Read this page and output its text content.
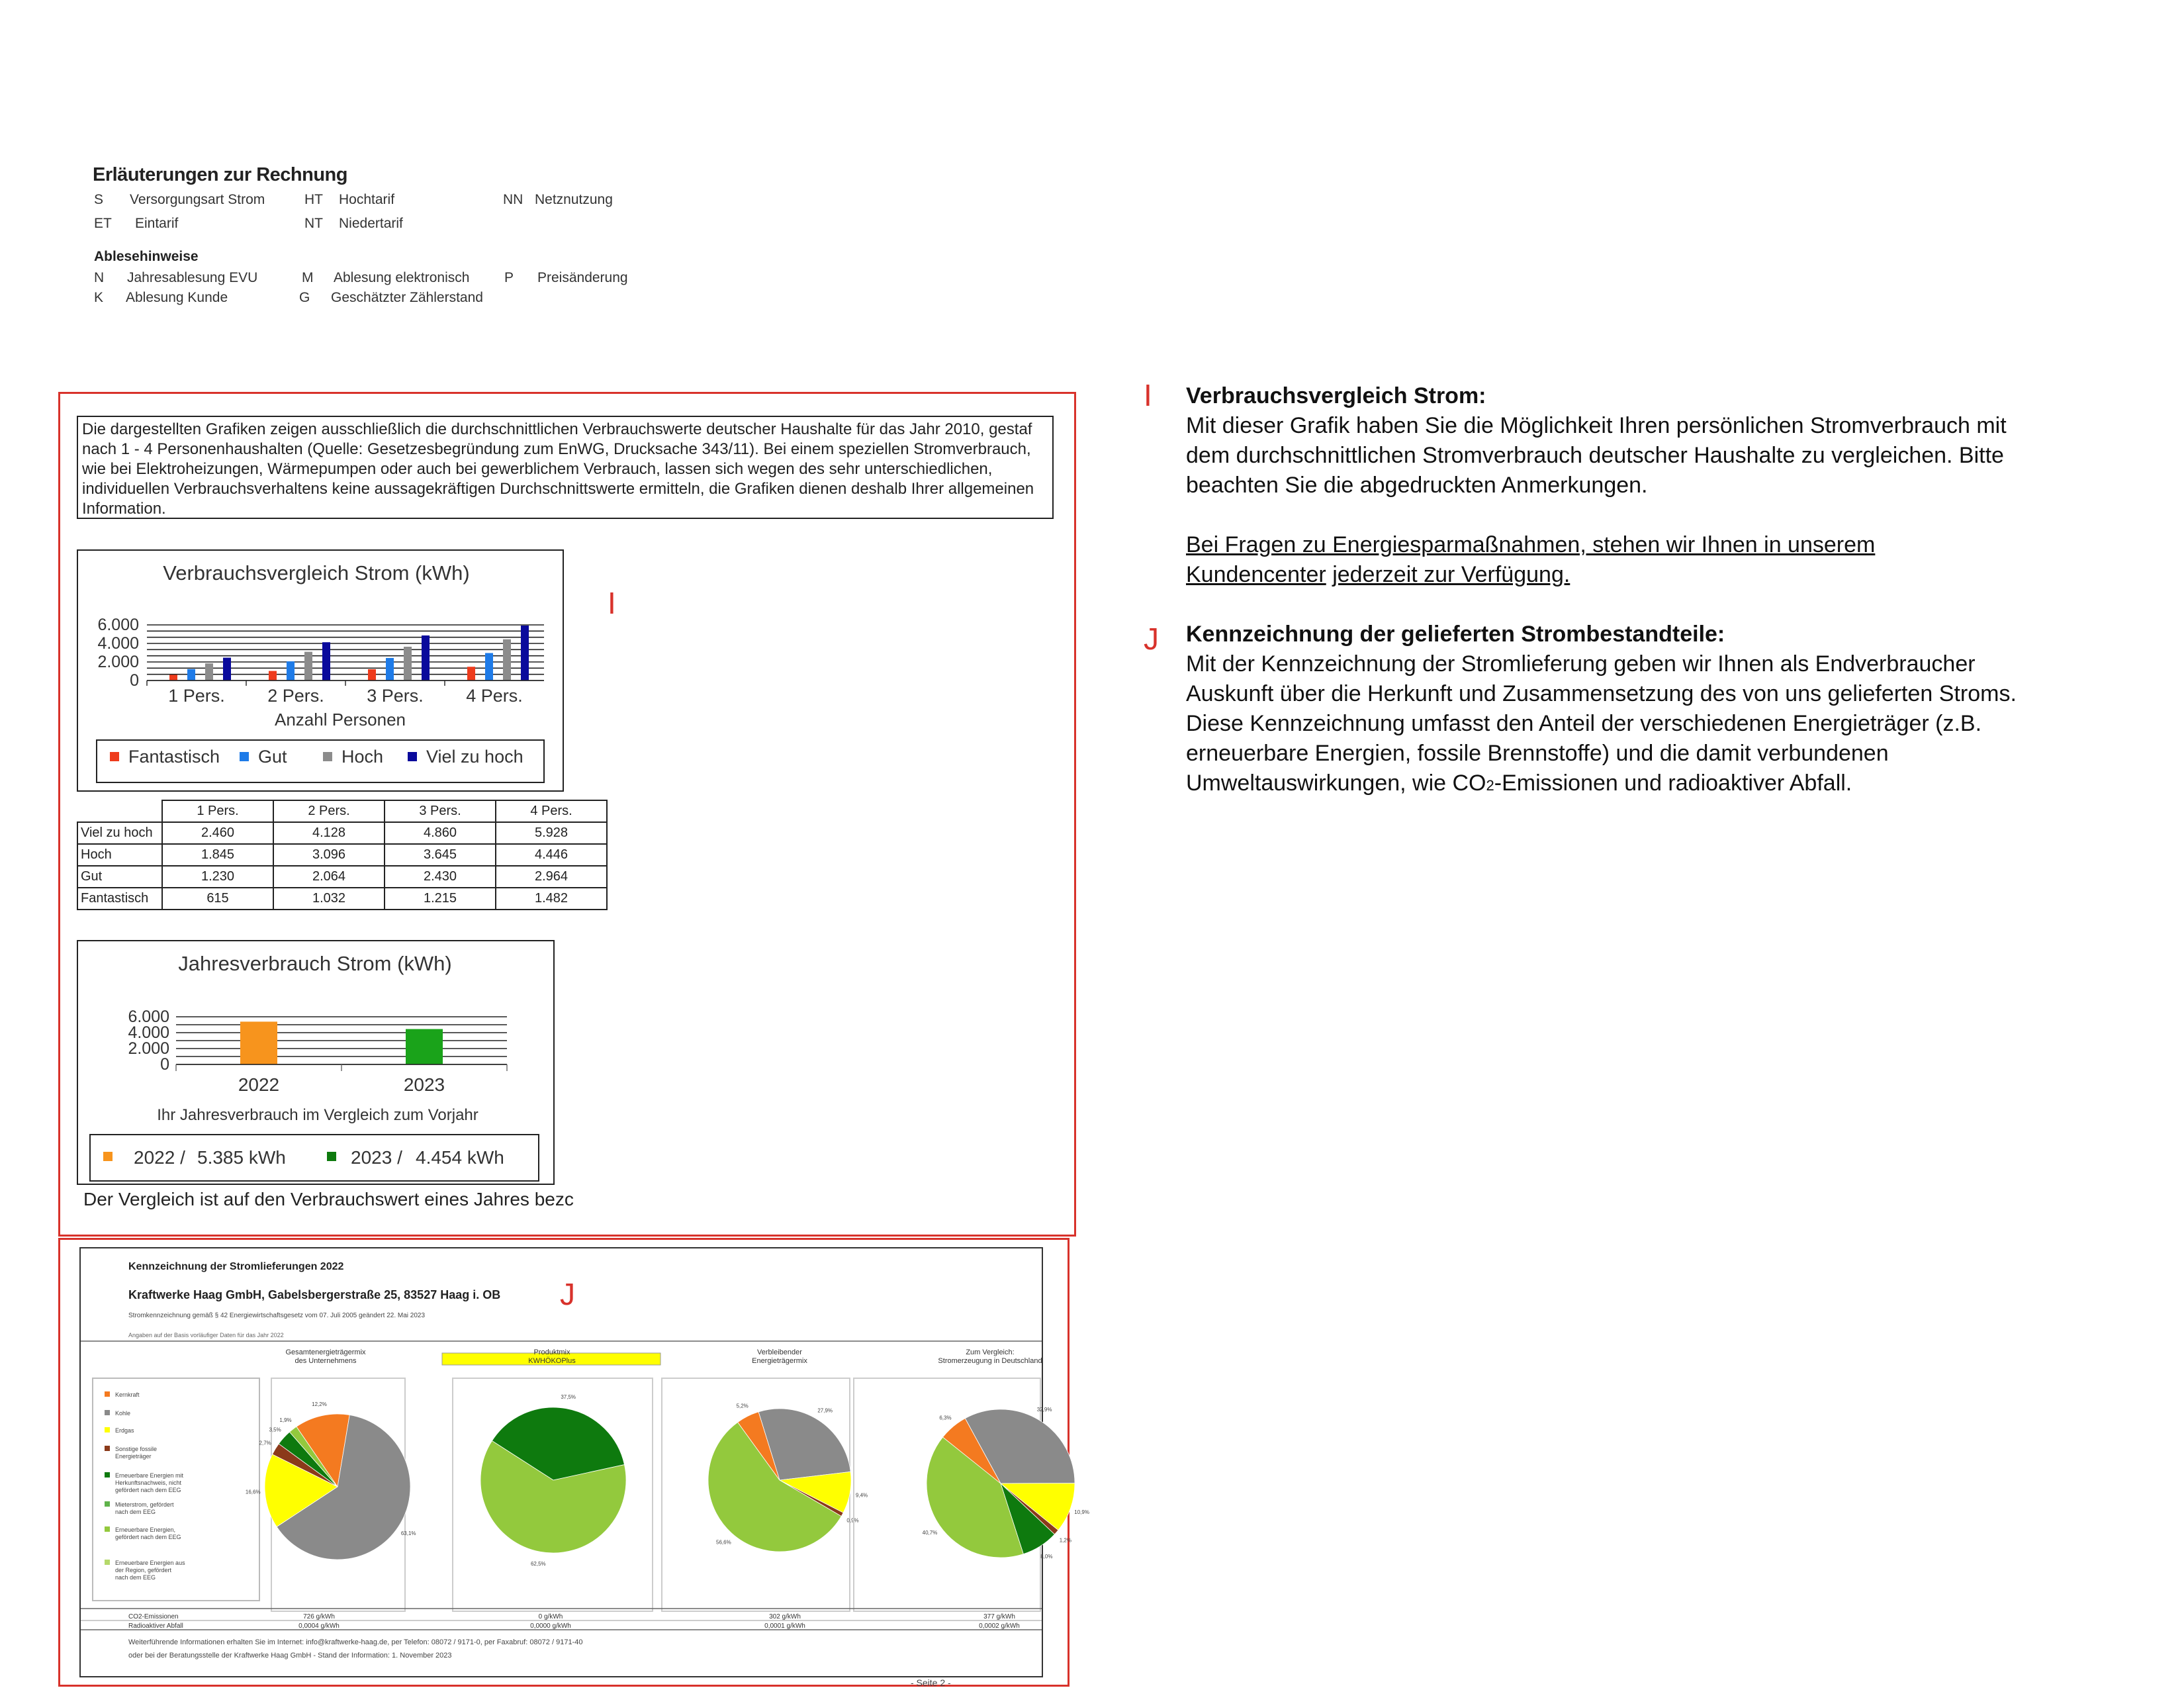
Erläuterungen zur Rechnung
S Versorgungsart Strom	HT Hochtarif	NN Netznutzung
ET Eintarif	NT Niedertarif
Ablesehinweise
N Jahresablesung EVU	M Ablesung elektronisch	P Preisänderung
K Ablesung Kunde	G Geschätzter Zählerstand
Die dargestellten Grafiken zeigen ausschließlich die durchschnittlichen Verbrauchswerte deutscher Haushalte für das Jahr 2010, gestaf
nach 1 - 4 Personenhaushalten (Quelle: Gesetzesbegründung zum EnWG, Drucksache 343/11). Bei einem speziellen Stromverbrauch,
wie bei Elektroheizungen, Wärmepumpen oder auch bei gewerblichem Verbrauch, lassen sich wegen des sehr unterschiedlichen,
individuellen Verbrauchsverhaltens keine aussagekräftigen Durchschnittswerte ermitteln, die Grafiken dienen deshalb Ihrer allgemeinen
Information.
I
Verbrauchsvergleich Strom (kWh)
0
2.000
4.000
6.000
1 Pers. 2 Pers. 3 Pers. 4 Pers.
Anzahl Personen
Fantastisch Gut	Hoch Viel zu hoch
	1 Pers.	2 Pers.	3 Pers.	4 Pers.
Viel zu hoch	2.460	4.128	4.860	5.928
Hoch	1.845	3.096	3.645	4.446
Gut	1.230	2.064	2.430	2.964
Fantastisch	615	1.032	1.215	1.482
Jahresverbrauch Strom (kWh)
0
2.000
4.000
6.000
2022	2023
Ihr Jahresverbrauch im Vergleich zum Vorjahr
2022 / 5.385 kWh	2023 / 4.454 kWh
Der Vergleich ist auf den Verbrauchswert eines Jahres bezc
Kennzeichnung der Stromlieferungen 2022
Kraftwerke Haag GmbH, Gabelsbergerstraße 25, 83527 Haag i. OB
Stromkennzeichnung gemäß § 42 Energiewirtschaftsgesetz vom 07. Juli 2005 geändert 22. Mai 2023
Angaben auf der Basis vorläufiger Daten für das Jahr 2022
Gesamtenergieträgermix
des Unternehmens
Produktmix
KWHÖKOPlus
Verbleibender
Energieträgermix
Zum Vergleich:
Stromerzeugung in Deutschland
Kernkraft
Kohle
Erdgas
Sonstige fossile
Energieträger
Erneuerbare Energien mit
Herkunftsnachweis, nicht
gefördert nach dem EEG
Mieterstrom, gefördert
nach dem EEG
Erneuerbare Energien,
gefördert nach dem EEG
Erneuerbare Energien aus
der Region, gefördert
nach dem EEG
12,2%
63,1%
16,6%
2,7%
3,5%
1,9%
37,5%
62,5%
27,9%
9,4%
0,9%
56,6%
5,2%
32,9%
10,9%
1,2%
8,0%
40,7%
6,3%
CO2-Emissionen	726 g/kWh	0 g/kWh	302 g/kWh	377 g/kWh
Radioaktiver Abfall	0,0004 g/kWh	0,0000 g/kWh	0,0001 g/kWh	0,0002 g/kWh
Weiterführende Informationen erhalten Sie im Internet: info@kraftwerke-haag.de, per Telefon: 08072 / 9171-0, per Faxabruf: 08072 / 9171-40
oder bei der Beratungsstelle der Kraftwerke Haag GmbH - Stand der Information: 1. November 2023
J
- Seite 2 -
I Verbrauchsvergleich Strom:
Mit dieser Grafik haben Sie die Möglichkeit Ihren persönlichen Stromverbrauch mit
dem durchschnittlichen Stromverbrauch deutscher Haushalte zu vergleichen. Bitte
beachten Sie die abgedruckten Anmerkungen.
Bei Fragen zu Energiesparmaßnahmen, stehen wir Ihnen in unserem
Kundencenter jederzeit zur Verfügung.
J Kennzeichnung der gelieferten Strombestandteile:
Mit der Kennzeichnung der Stromlieferung geben wir Ihnen als Endverbraucher
Auskunft über die Herkunft und Zusammensetzung des von uns gelieferten Stroms.
Diese Kennzeichnung umfasst den Anteil der verschiedenen Energieträger (z.B.
erneuerbare Energien, fossile Brennstoffe) und die damit verbundenen
Umweltauswirkungen, wie CO2-Emissionen und radioaktiver Abfall.
